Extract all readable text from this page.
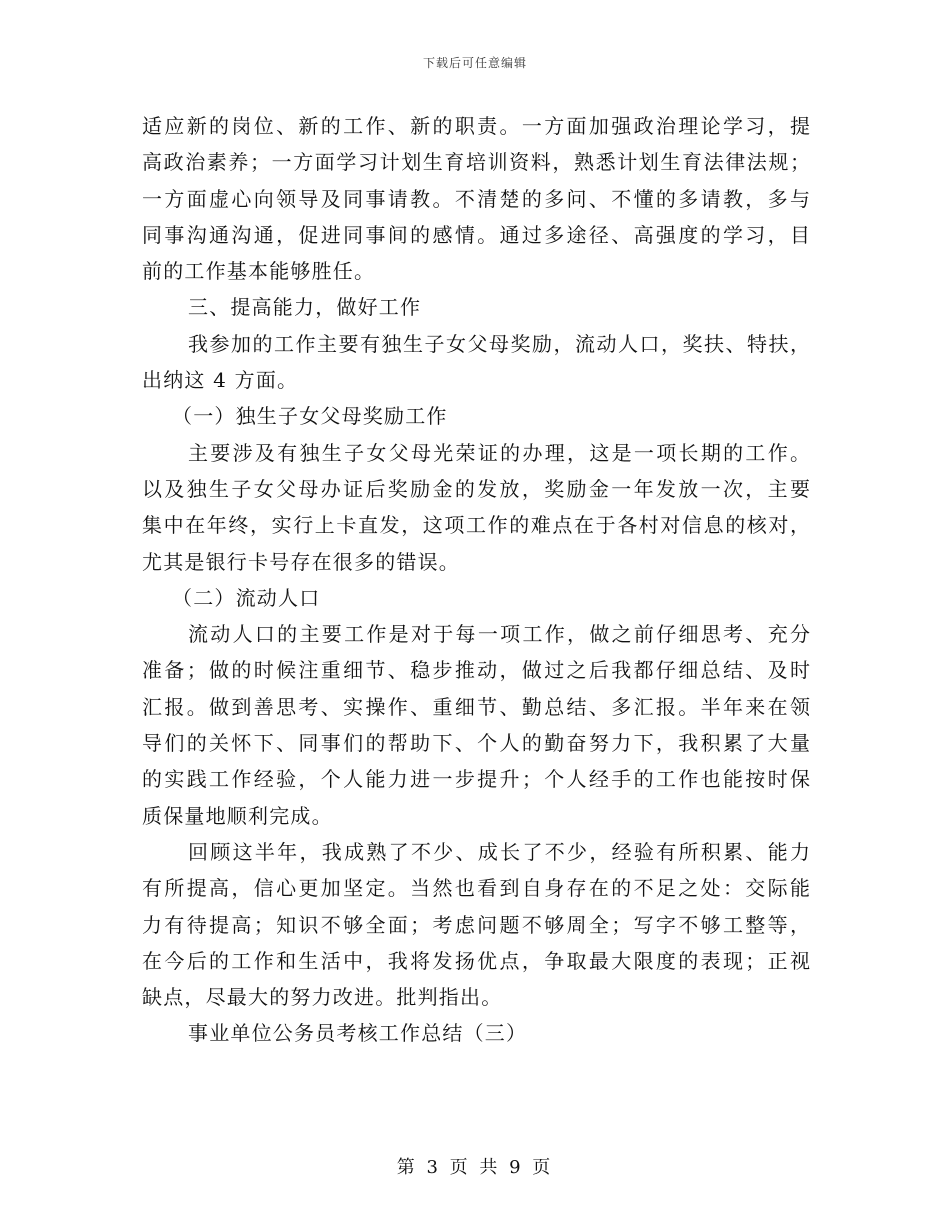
下载后可任意编辑

适应新的岗位、新的工作、新的职责。一方面加强政治理论学习，提

高政治素养；一方面学习计划生育培训资料，熟悉计划生育法律法规；

一方面虚心向领导及同事请教。不清楚的多问、不懂的多请教，多与

同事沟通沟通，促进同事间的感情。通过多途径、高强度的学习，目

前的工作基本能够胜任。

三、提高能力，做好工作

我参加的工作主要有独生子女父母奖励，流动人口，奖扶、特扶，

出纳这 4 方面。

（一）独生子女父母奖励工作

主要涉及有独生子女父母光荣证的办理，这是一项长期的工作。

以及独生子女父母办证后奖励金的发放，奖励金一年发放一次，主要

集中在年终，实行上卡直发，这项工作的难点在于各村对信息的核对，

尤其是银行卡号存在很多的错误。

（二）流动人口

流动人口的主要工作是对于每一项工作，做之前仔细思考、充分

准备；做的时候注重细节、稳步推动，做过之后我都仔细总结、及时

汇报。做到善思考、实操作、重细节、勤总结、多汇报。半年来在领

导们的关怀下、同事们的帮助下、个人的勤奋努力下，我积累了大量

的实践工作经验，个人能力进一步提升；个人经手的工作也能按时保

质保量地顺利完成。

回顾这半年，我成熟了不少、成长了不少，经验有所积累、能力

有所提高，信心更加坚定。当然也看到自身存在的不足之处：交际能

力有待提高；知识不够全面；考虑问题不够周全；写字不够工整等，

在今后的工作和生活中，我将发扬优点，争取最大限度的表现；正视

缺点，尽最大的努力改进。批判指出。

事业单位公务员考核工作总结（三）

第 3 页 共 9 页
